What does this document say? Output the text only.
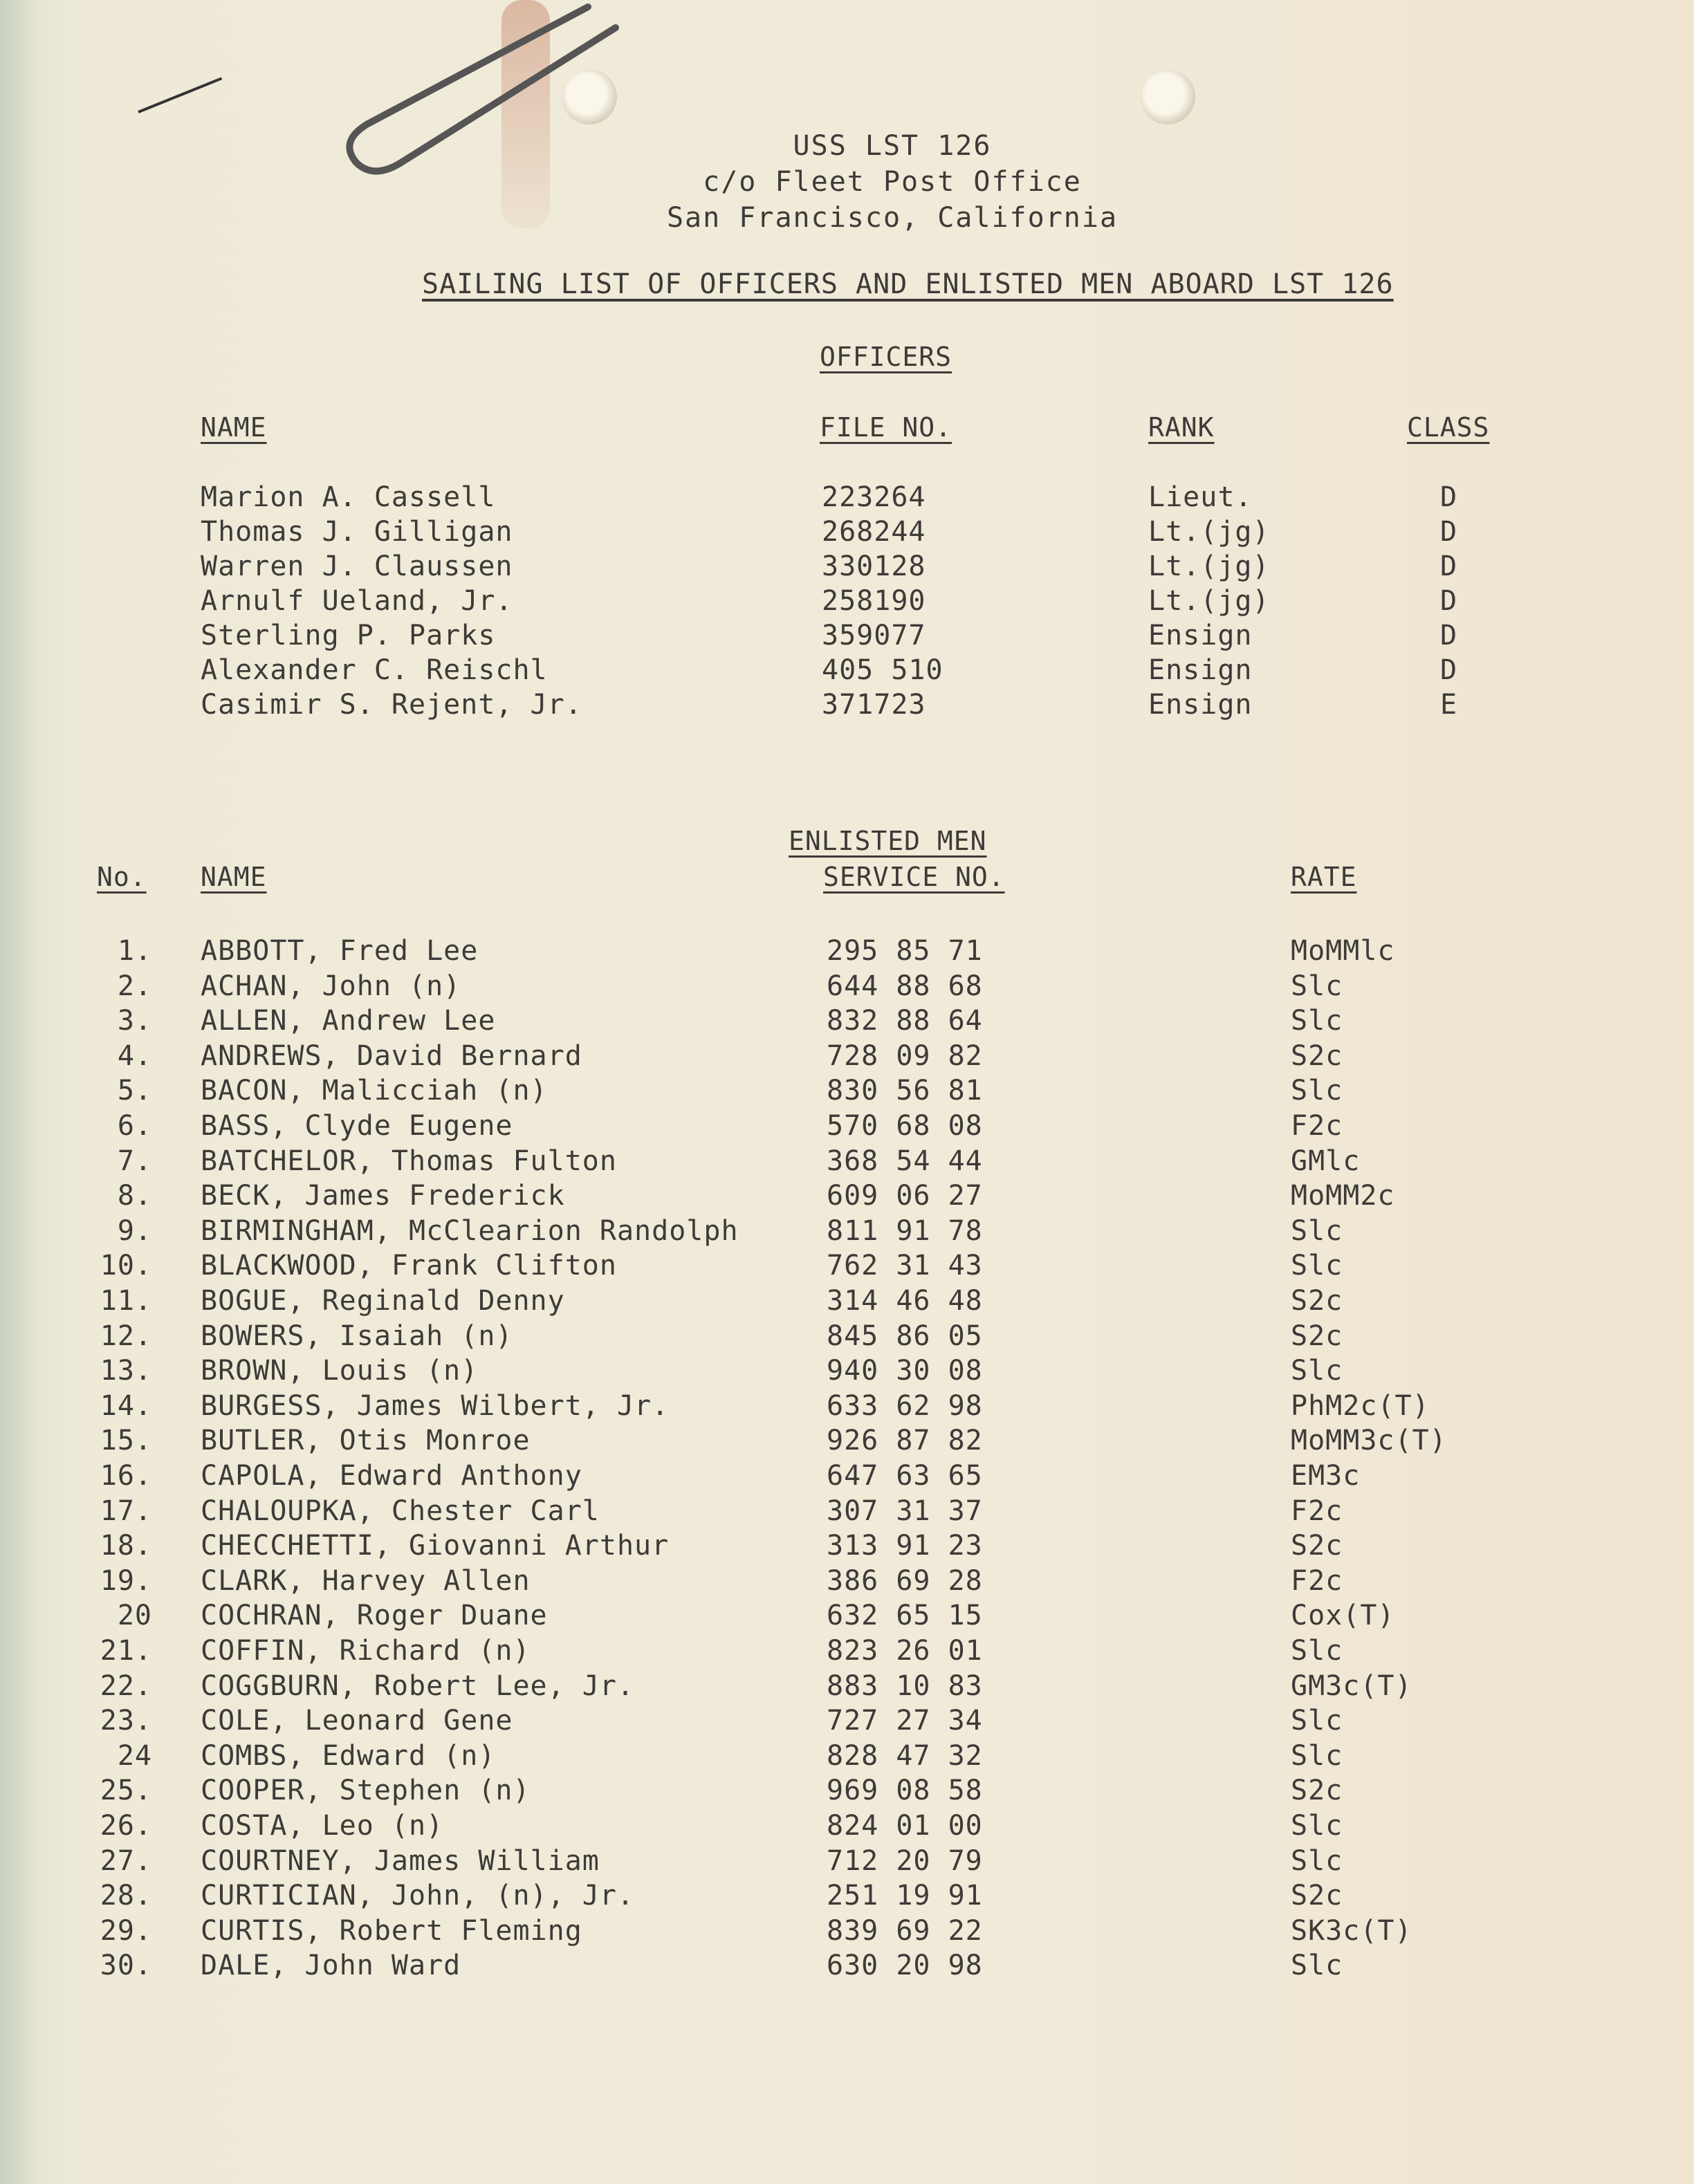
USS LST 126
c/o Fleet Post Office
San Francisco, California
SAILING LIST OF OFFICERS AND ENLISTED MEN ABOARD LST 126
OFFICERS
NAME	FILE NO.	RANK	CLASS
Marion A. Cassell	223264	Lieut.	D
Thomas J. Gilligan	268244	Lt.(jg)	D
Warren J. Claussen	330128	Lt.(jg)	D
Arnulf Ueland, Jr.	258190	Lt.(jg)	D
Sterling P. Parks	359077	Ensign	D
Alexander C. Reischl	405 510	Ensign	D
Casimir S. Rejent, Jr.	371723	Ensign	E
ENLISTED MEN
No. NAME	SERVICE NO.	RATE
1. ABBOTT, Fred Lee	295 85 71	MoMMlc
2. ACHAN, John (n)	644 88 68	Slc
3. ALLEN, Andrew Lee	832 88 64	Slc
4. ANDREWS, David Bernard	728 09 82	S2c
5. BACON, Malicciah (n)	830 56 81	Slc
6. BASS, Clyde Eugene	570 68 08	F2c
7. BATCHELOR, Thomas Fulton	368 54 44	GMlc
8. BECK, James Frederick	609 06 27	MoMM2c
9. BIRMINGHAM, McClearion Randolph	811 91 78	Slc
10. BLACKWOOD, Frank Clifton	762 31 43	Slc
11. BOGUE, Reginald Denny	314 46 48	S2c
12. BOWERS, Isaiah (n)	845 86 05	S2c
13. BROWN, Louis (n)	940 30 08	Slc
14. BURGESS, James Wilbert, Jr.	633 62 98	PhM2c(T)
15. BUTLER, Otis Monroe	926 87 82	MoMM3c(T)
16. CAPOLA, Edward Anthony	647 63 65	EM3c
17. CHALOUPKA, Chester Carl	307 31 37	F2c
18. CHECCHETTI, Giovanni Arthur	313 91 23	S2c
19. CLARK, Harvey Allen	386 69 28	F2c
20 COCHRAN, Roger Duane	632 65 15	Cox(T)
21. COFFIN, Richard (n)	823 26 01	Slc
22. COGGBURN, Robert Lee, Jr.	883 10 83	GM3c(T)
23. COLE, Leonard Gene	727 27 34	Slc
24 COMBS, Edward (n)	828 47 32	Slc
25. COOPER, Stephen (n)	969 08 58	S2c
26. COSTA, Leo (n)	824 01 00	Slc
27. COURTNEY, James William	712 20 79	Slc
28. CURTICIAN, John, (n), Jr.	251 19 91	S2c
29. CURTIS, Robert Fleming	839 69 22	SK3c(T)
30. DALE, John Ward	630 20 98	Slc
